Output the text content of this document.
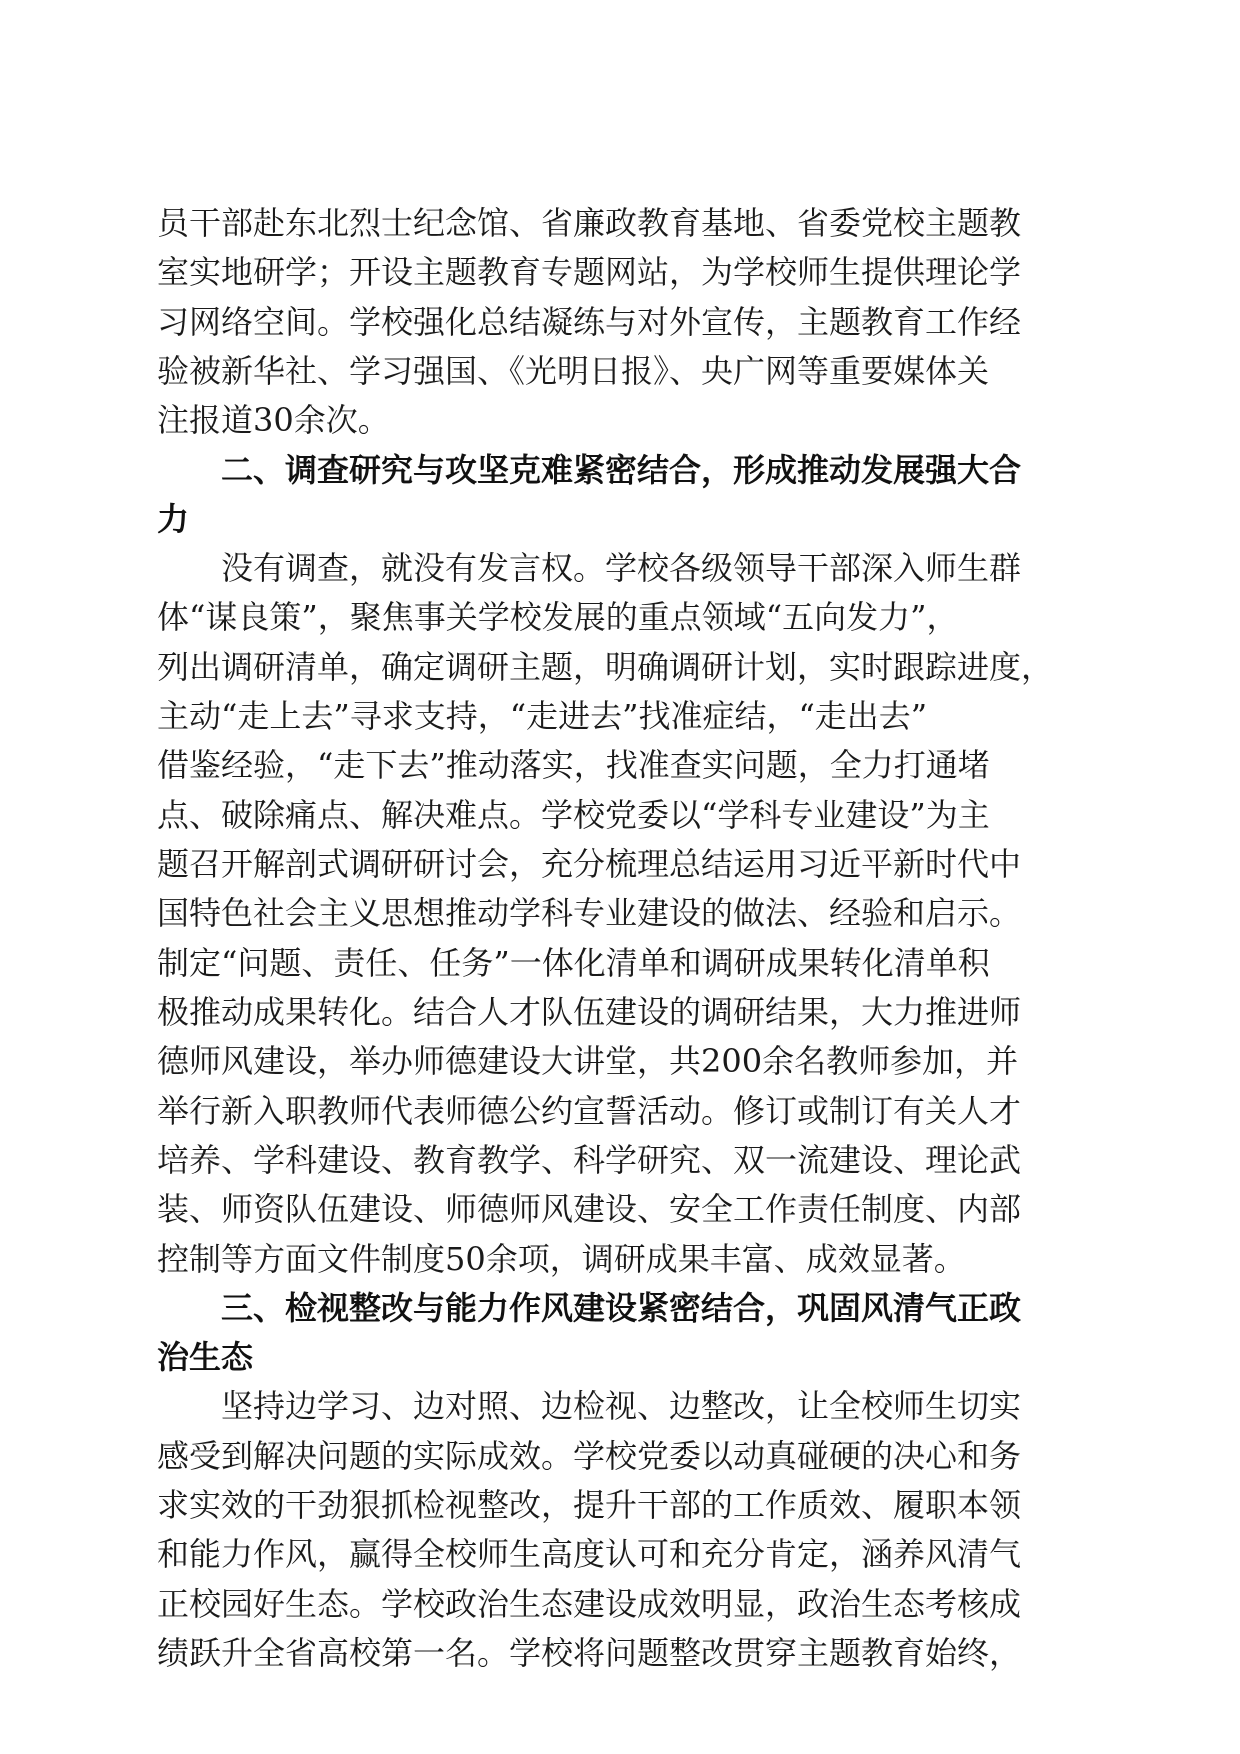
员干部赴东北烈士纪念馆、省廉政教育基地、省委党校主题教
室实地研学；开设主题教育专题网站，为学校师生提供理论学
习网络空间。学校强化总结凝练与对外宣传，主题教育工作经
验被新华社、学习强国、《光明日报》、央广网等重要媒体关
注报道30余次。
二、调查研究与攻坚克难紧密结合，形成推动发展强大合
力
没有调查，就没有发言权。学校各级领导干部深入师生群
体“谋良策”，聚焦事关学校发展的重点领域“五向发力”，
列出调研清单，确定调研主题，明确调研计划，实时跟踪进度，
主动“走上去”寻求支持，“走进去”找准症结，“走出去”
借鉴经验，“走下去”推动落实，找准查实问题，全力打通堵
点、破除痛点、解决难点。学校党委以“学科专业建设”为主
题召开解剖式调研研讨会，充分梳理总结运用习近平新时代中
国特色社会主义思想推动学科专业建设的做法、经验和启示。
制定“问题、责任、任务”一体化清单和调研成果转化清单积
极推动成果转化。结合人才队伍建设的调研结果，大力推进师
德师风建设，举办师德建设大讲堂，共200余名教师参加，并
举行新入职教师代表师德公约宣誓活动。修订或制订有关人才
培养、学科建设、教育教学、科学研究、双一流建设、理论武
装、师资队伍建设、师德师风建设、安全工作责任制度、内部
控制等方面文件制度50余项，调研成果丰富、成效显著。
三、检视整改与能力作风建设紧密结合，巩固风清气正政
治生态
坚持边学习、边对照、边检视、边整改，让全校师生切实
感受到解决问题的实际成效。学校党委以动真碰硬的决心和务
求实效的干劲狠抓检视整改，提升干部的工作质效、履职本领
和能力作风，赢得全校师生高度认可和充分肯定，涵养风清气
正校园好生态。学校政治生态建设成效明显，政治生态考核成
绩跃升全省高校第一名。学校将问题整改贯穿主题教育始终，
